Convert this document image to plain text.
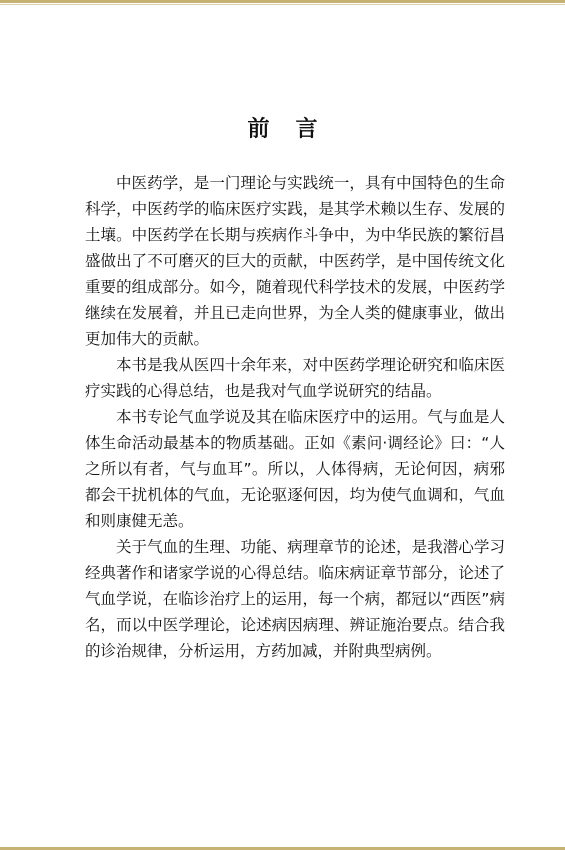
前言

中医药学，是一门理论与实践统一，具有中国特色的生命科学，中医药学的临床医疗实践，是其学术赖以生存、发展的土壤。中医药学在长期与疾病作斗争中，为中华民族的繁衍昌盛做出了不可磨灭的巨大的贡献，中医药学，是中国传统文化重要的组成部分。如今，随着现代科学技术的发展，中医药学继续在发展着，并且已走向世界，为全人类的健康事业，做出更加伟大的贡献。

本书是我从医四十余年来，对中医药学理论研究和临床医疗实践的心得总结，也是我对气血学说研究的结晶。

本书专论气血学说及其在临床医疗中的运用。气与血是人体生命活动最基本的物质基础。正如《素问·调经论》曰：“人之所以有者，气与血耳”。所以，人体得病，无论何因，病邪都会干扰机体的气血，无论驱逐何因，均为使气血调和，气血和则康健无恙。

关于气血的生理、功能、病理章节的论述，是我潜心学习经典著作和诸家学说的心得总结。临床病证章节部分，论述了气血学说，在临诊治疗上的运用，每一个病，都冠以“西医”病名，而以中医学理论，论述病因病理、辨证施治要点。结合我的诊治规律，分析运用，方药加减，并附典型病例。
